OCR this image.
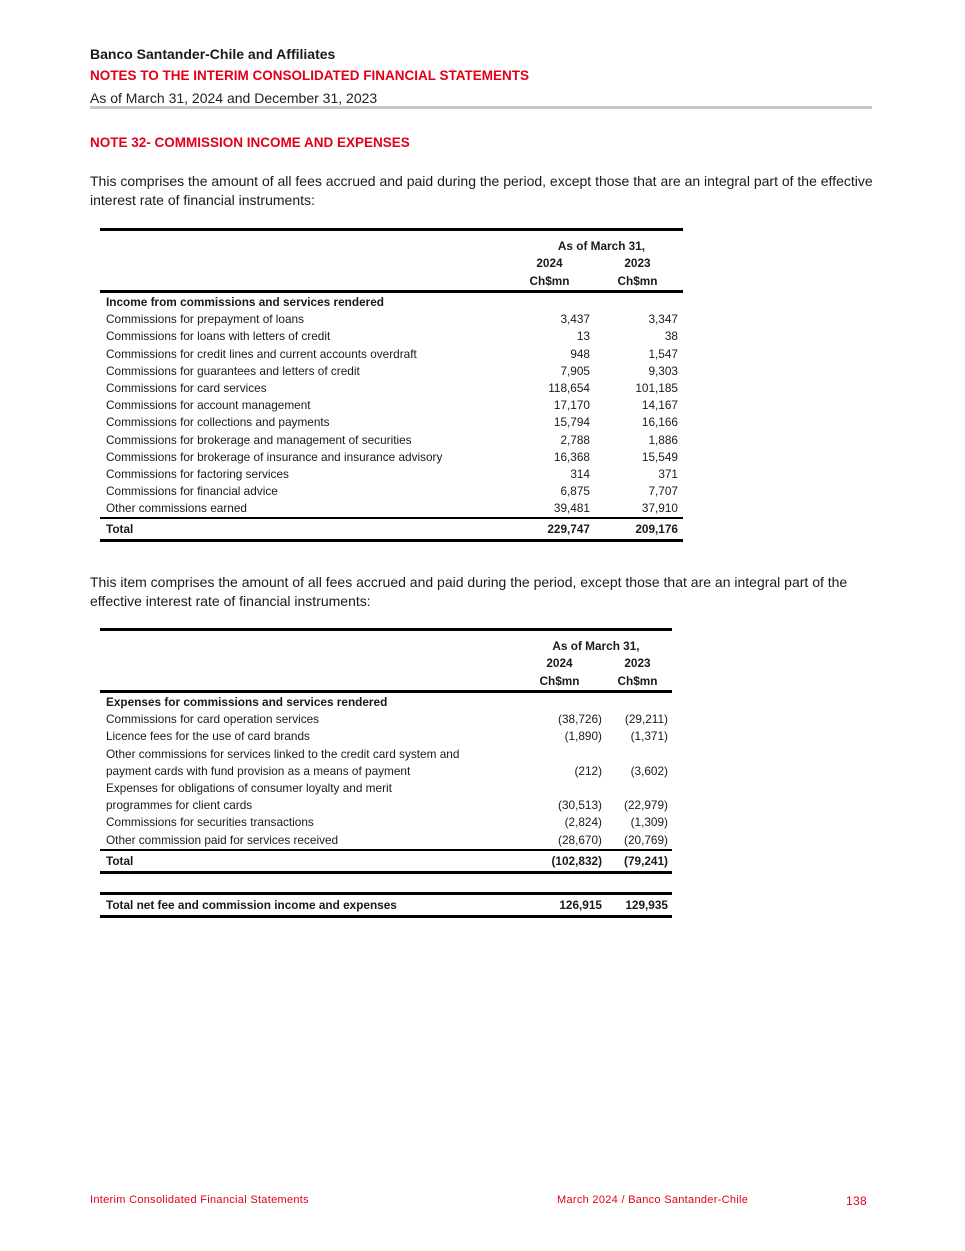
Banco Santander-Chile and Affiliates
NOTES TO THE INTERIM CONSOLIDATED FINANCIAL STATEMENTS
As of March 31, 2024 and December 31, 2023
NOTE 32- COMMISSION INCOME AND EXPENSES
This comprises the amount of all fees accrued and paid during the period, except those that are an integral part of the effective interest rate of financial instruments:
As of March 31,
2024	2023
Ch$mn	Ch$mn
Income from commissions and services rendered
Commissions for prepayment of loans	3,437	3,347
Commissions for loans with letters of credit	13	38
Commissions for credit lines and current accounts overdraft	948	1,547
Commissions for guarantees and letters of credit	7,905	9,303
Commissions for card services	118,654	101,185
Commissions for account management	17,170	14,167
Commissions for collections and payments	15,794	16,166
Commissions for brokerage and management of securities	2,788	1,886
Commissions for brokerage of insurance and insurance advisory	16,368	15,549
Commissions for factoring services	314	371
Commissions for financial advice	6,875	7,707
Other commissions earned	39,481	37,910
Total	229,747	209,176
This item comprises the amount of all fees accrued and paid during the period, except those that are an integral part of the effective interest rate of financial instruments:
As of March 31,
2024	2023
Ch$mn	Ch$mn
Expenses for commissions and services rendered
Commissions for card operation services	(38,726)	(29,211)
Licence fees for the use of card brands	(1,890)	(1,371)
Other commissions for services linked to the credit card system and
payment cards with fund provision as a means of payment	(212)	(3,602)
Expenses for obligations of consumer loyalty and merit
programmes for client cards	(30,513)	(22,979)
Commissions for securities transactions	(2,824)	(1,309)
Other commission paid for services received	(28,670)	(20,769)
Total	(102,832)	(79,241)
Total net fee and commission income and expenses	126,915	129,935
Interim Consolidated Financial Statements	March 2024 / Banco Santander-Chile	138
